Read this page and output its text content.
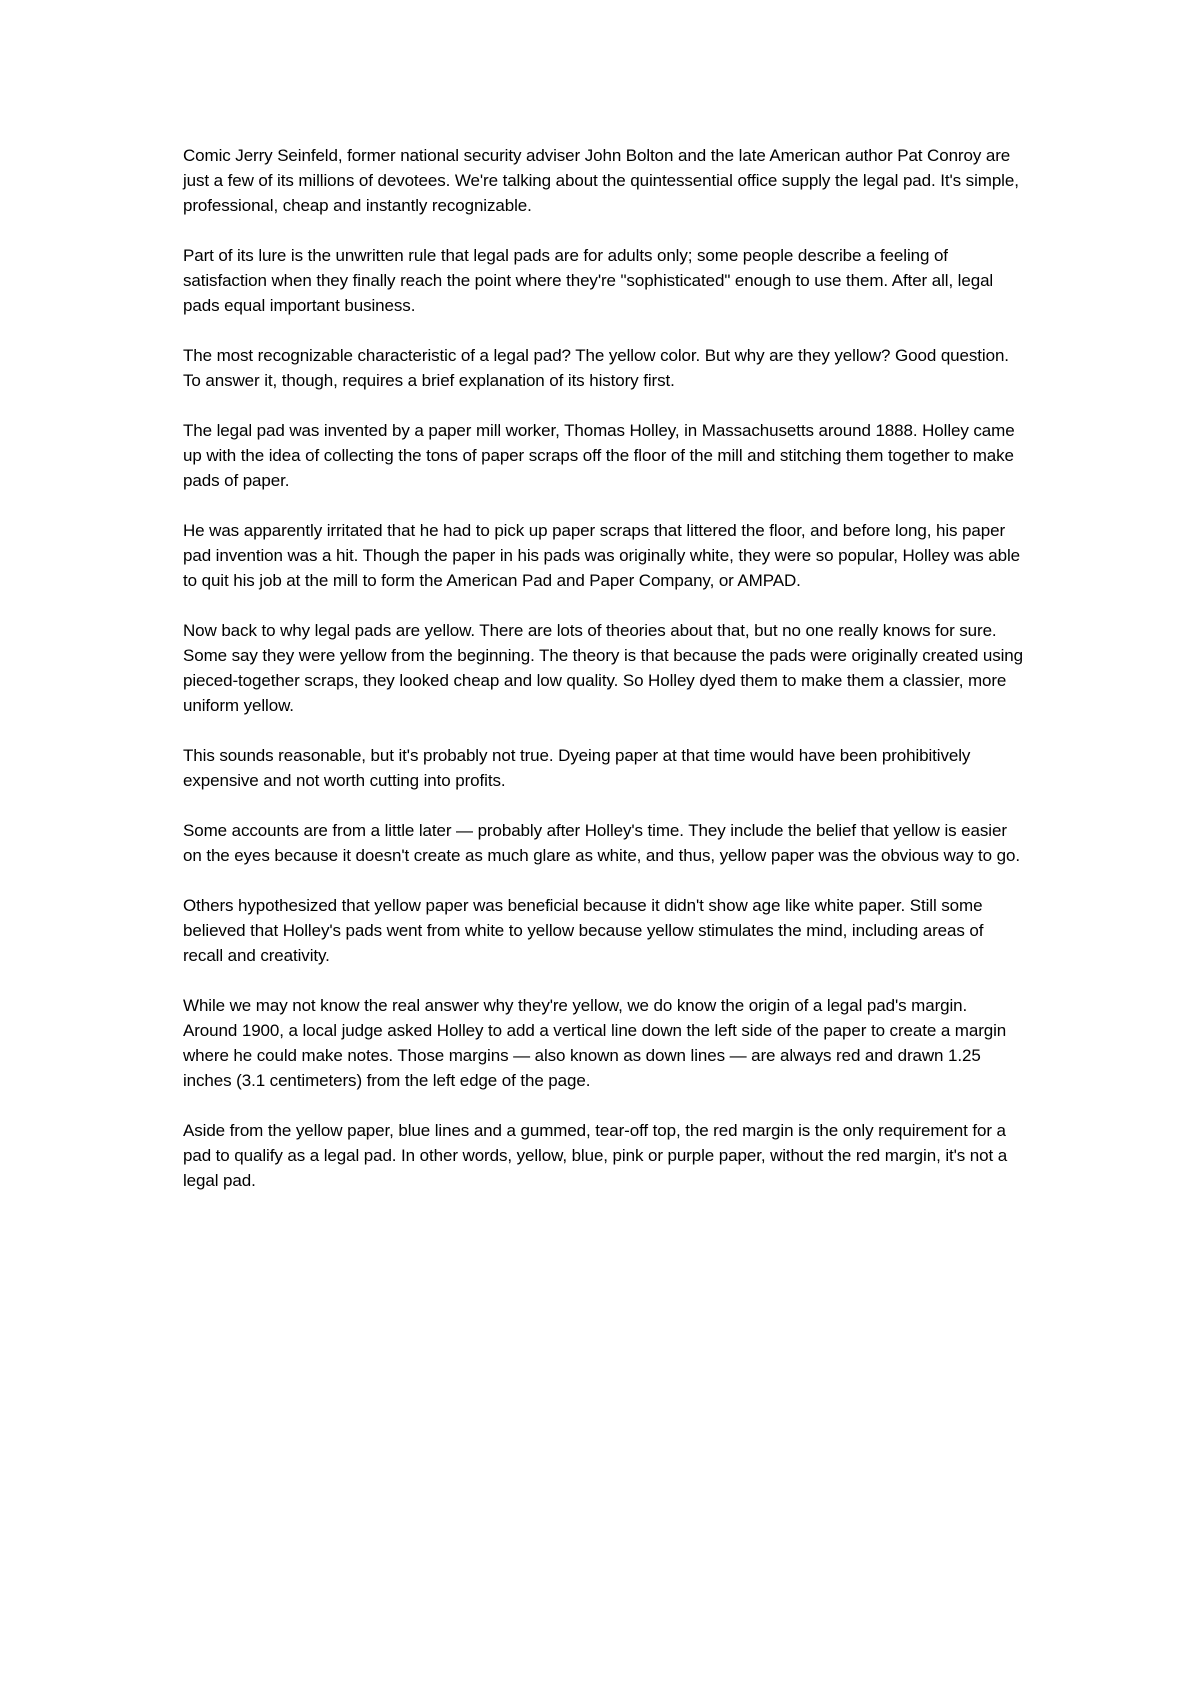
Comic Jerry Seinfeld, former national security adviser John Bolton and the late American author Pat Conroy are just a few of its millions of devotees. We're talking about the quintessential office supply the legal pad. It's simple, professional, cheap and instantly recognizable.

Part of its lure is the unwritten rule that legal pads are for adults only; some people describe a feeling of satisfaction when they finally reach the point where they're "sophisticated" enough to use them. After all, legal pads equal important business.

The most recognizable characteristic of a legal pad? The yellow color. But why are they yellow? Good question. To answer it, though, requires a brief explanation of its history first.

The legal pad was invented by a paper mill worker, Thomas Holley, in Massachusetts around 1888. Holley came up with the idea of collecting the tons of paper scraps off the floor of the mill and stitching them together to make pads of paper.

He was apparently irritated that he had to pick up paper scraps that littered the floor, and before long, his paper pad invention was a hit. Though the paper in his pads was originally white, they were so popular, Holley was able to quit his job at the mill to form the American Pad and Paper Company, or AMPAD.

Now back to why legal pads are yellow. There are lots of theories about that, but no one really knows for sure. Some say they were yellow from the beginning. The theory is that because the pads were originally created using pieced-together scraps, they looked cheap and low quality. So Holley dyed them to make them a classier, more uniform yellow.

This sounds reasonable, but it's probably not true. Dyeing paper at that time would have been prohibitively expensive and not worth cutting into profits.

Some accounts are from a little later — probably after Holley's time. They include the belief that yellow is easier on the eyes because it doesn't create as much glare as white, and thus, yellow paper was the obvious way to go.

Others hypothesized that yellow paper was beneficial because it didn't show age like white paper. Still some believed that Holley's pads went from white to yellow because yellow stimulates the mind, including areas of recall and creativity.

While we may not know the real answer why they're yellow, we do know the origin of a legal pad's margin. Around 1900, a local judge asked Holley to add a vertical line down the left side of the paper to create a margin where he could make notes. Those margins — also known as down lines — are always red and drawn 1.25 inches (3.1 centimeters) from the left edge of the page.

Aside from the yellow paper, blue lines and a gummed, tear-off top, the red margin is the only requirement for a pad to qualify as a legal pad. In other words, yellow, blue, pink or purple paper, without the red margin, it's not a legal pad.
